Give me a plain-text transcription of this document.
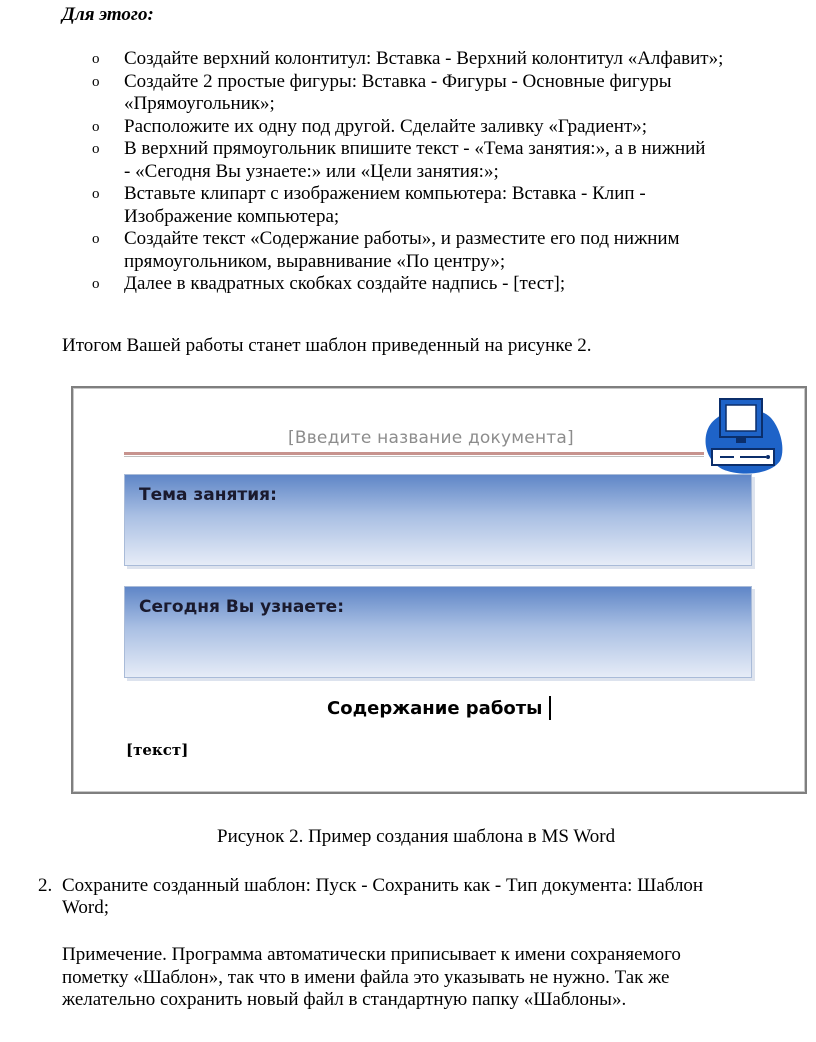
Для этого:
o Создайте верхний колонтитул: Вставка - Верхний колонтитул «Алфавит»;
o Создайте 2 простые фигуры: Вставка - Фигуры - Основные фигуры
«Прямоугольник»;
o Расположите их одну под другой. Сделайте заливку «Градиент»;
o В верхний прямоугольник впишите текст - «Тема занятия:», а в нижний
- «Сегодня Вы узнаете:» или «Цели занятия:»;
o Вставьте клипарт с изображением компьютера: Вставка - Клип -
Изображение компьютера;
o Создайте текст «Содержание работы», и разместите его под нижним
прямоугольником, выравнивание «По центру»;
o Далее в квадратных скобках создайте надпись - [тест];
Итогом Вашей работы станет шаблон приведенный на рисунке 2.
[Введите название документа]
Тема занятия:
Сегодня Вы узнаете:
Содержание работы
[текст]
Рисунок 2. Пример создания шаблона в MS Word
2. Сохраните созданный шаблон: Пуск - Сохранить как - Тип документа: Шаблон
Word;
Примечение. Программа автоматически приписывает к имени сохраняемого
пометку «Шаблон», так что в имени файла это указывать не нужно. Так же
желательно сохранить новый файл в стандартную папку «Шаблоны».
